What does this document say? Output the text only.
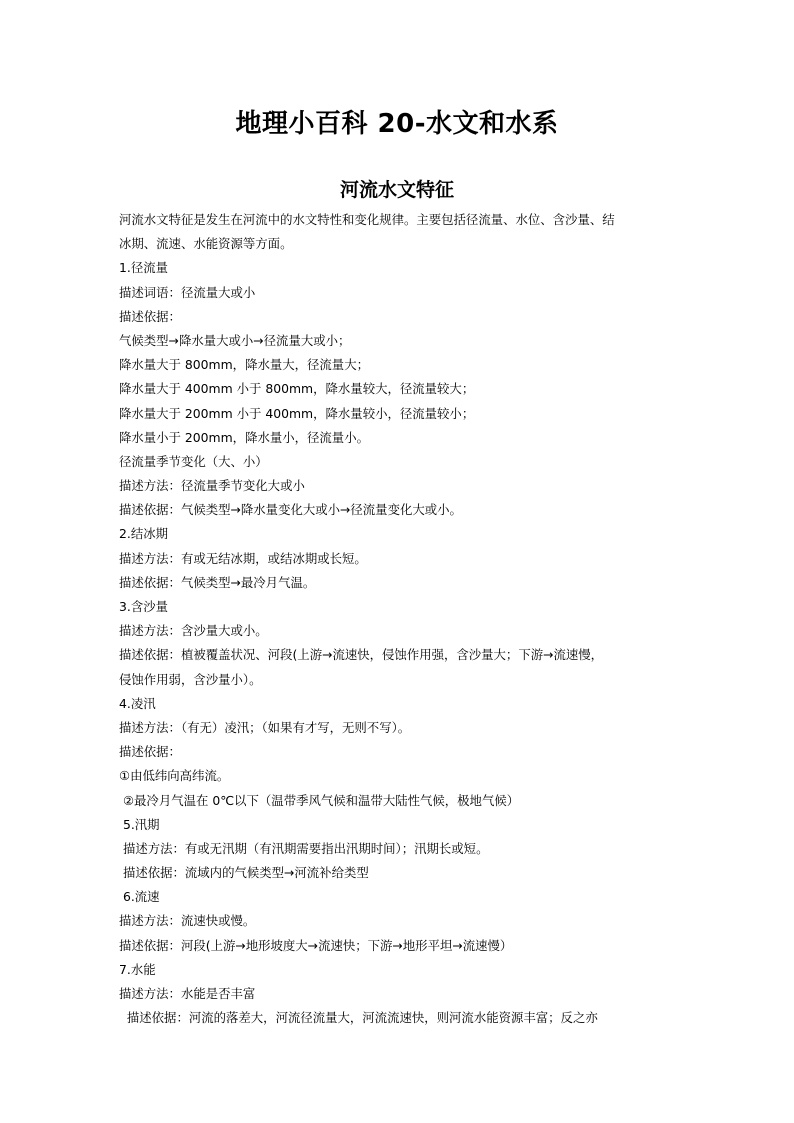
地理小百科 20-水文和水系
河流水文特征
河流水文特征是发生在河流中的水文特性和变化规律。主要包括径流量、水位、含沙量、结
冰期、流速、水能资源等方面。
1.径流量
描述词语：径流量大或小
描述依据：
气候类型→降水量大或小→径流量大或小；
降水量大于 800mm，降水量大，径流量大；
降水量大于 400mm 小于 800mm，降水量较大，径流量较大；
降水量大于 200mm 小于 400mm，降水量较小，径流量较小；
降水量小于 200mm，降水量小，径流量小。
径流量季节变化（大、小）
描述方法：径流量季节变化大或小
描述依据：气候类型→降水量变化大或小→径流量变化大或小。
2.结冰期
描述方法：有或无结冰期，或结冰期或长短。
描述依据：气候类型→最冷月气温。
3.含沙量
描述方法：含沙量大或小。
描述依据：植被覆盖状况、河段(上游→流速快，侵蚀作用强，含沙量大；下游→流速慢，
侵蚀作用弱，含沙量小）。
4.凌汛
描述方法：（有无）凌汛；（如果有才写，无则不写）。
描述依据：
①由低纬向高纬流。
②最冷月气温在 0℃以下（温带季风气候和温带大陆性气候，极地气候）
5.汛期
描述方法：有或无汛期（有汛期需要指出汛期时间）；汛期长或短。
描述依据：流域内的气候类型→河流补给类型
6.流速
描述方法：流速快或慢。
描述依据：河段(上游→地形坡度大→流速快；下游→地形平坦→流速慢）
7.水能
描述方法：水能是否丰富
描述依据：河流的落差大，河流径流量大，河流流速快，则河流水能资源丰富；反之亦
